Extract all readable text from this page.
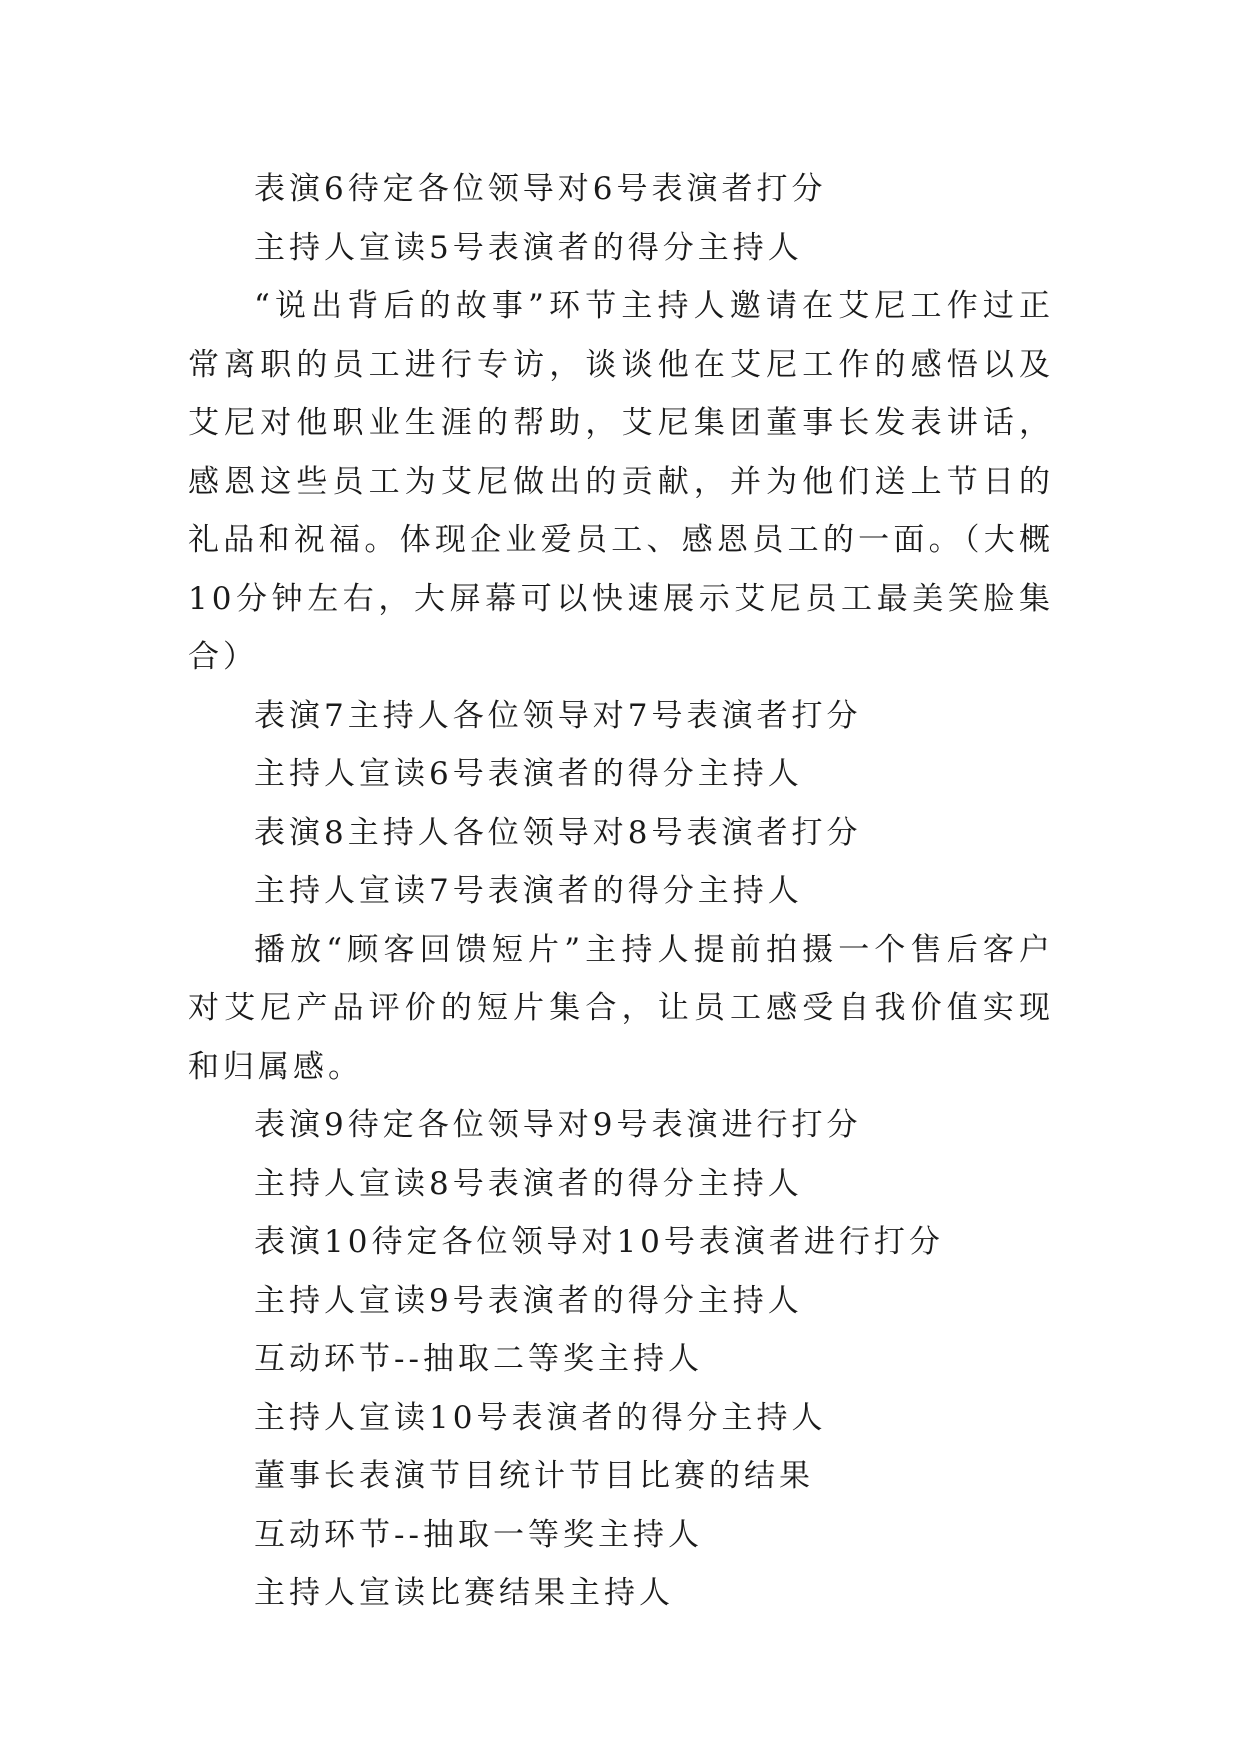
表演6待定各位领导对6号表演者打分

主持人宣读5号表演者的得分主持人

“说出背后的故事”环节主持人邀请在艾尼工作过正常离职的员工进行专访，谈谈他在艾尼工作的感悟以及艾尼对他职业生涯的帮助，艾尼集团董事长发表讲话，感恩这些员工为艾尼做出的贡献，并为他们送上节日的礼品和祝福。体现企业爱员工、感恩员工的一面。（大概10分钟左右，大屏幕可以快速展示艾尼员工最美笑脸集合）

表演7主持人各位领导对7号表演者打分

主持人宣读6号表演者的得分主持人

表演8主持人各位领导对8号表演者打分

主持人宣读7号表演者的得分主持人

播放“顾客回馈短片”主持人提前拍摄一个售后客户对艾尼产品评价的短片集合，让员工感受自我价值实现和归属感。

表演9待定各位领导对9号表演进行打分

主持人宣读8号表演者的得分主持人

表演10待定各位领导对10号表演者进行打分

主持人宣读9号表演者的得分主持人

互动环节--抽取二等奖主持人

主持人宣读10号表演者的得分主持人

董事长表演节目统计节目比赛的结果

互动环节--抽取一等奖主持人

主持人宣读比赛结果主持人
